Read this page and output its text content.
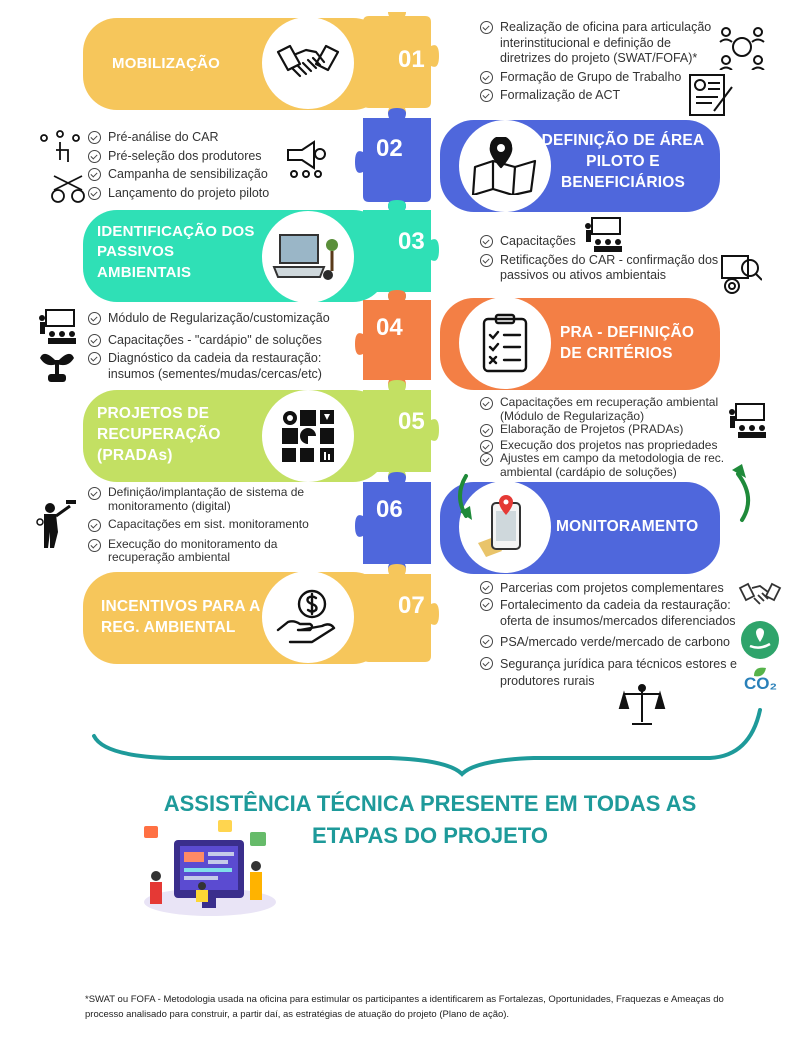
MOBILIZAÇÃO	01
Realização de oficina para articulação interinstitucional e definição de diretrizes do projeto (SWAT/FOFA)*
Formação de Grupo de Trabalho
Formalização de ACT
DEFINIÇÃO DE ÁREA PILOTO E BENEFICIÁRIOS
02
Pré-análise do CAR
Pré-seleção dos produtores
Campanha de sensibilização
Lançamento do projeto piloto
IDENTIFICAÇÃO DOS PASSIVOS AMBIENTAIS
03	Capacitações
Retificações do CAR - confirmação dos passivos ou ativos ambientais
PRA - DEFINIÇÃO DE CRITÉRIOS
04
Módulo de Regularização/customização
Capacitações - "cardápio" de soluções
Diagnóstico da cadeia da restauração: insumos (sementes/mudas/cercas/etc)
PROJETOS DE RECUPERAÇÃO (PRADAs)
05
Capacitações em recuperação ambiental (Módulo de Regularização)
Elaboração de Projetos (PRADAs)
Execução dos projetos nas propriedades
Ajustes em campo da metodologia de rec. ambiental (cardápio de soluções)
MONITORAMENTO
06
Definição/implantação de sistema de monitoramento (digital)
Capacitações em sist. monitoramento
Execução do monitoramento da recuperação ambiental
INCENTIVOS PARA A REG. AMBIENTAL
07
Parcerias com projetos complementares
Fortalecimento da cadeia da restauração: oferta de insumos/mercados diferenciados
PSA/mercado verde/mercado de carbono
Segurança jurídica para técnicos estores e produtores rurais	CO₂
ASSISTÊNCIA TÉCNICA PRESENTE EM TODAS AS ETAPAS DO PROJETO
*SWAT ou FOFA - Metodologia usada na oficina para estimular os participantes a identificarem as Fortalezas, Oportunidades, Fraquezas e Ameaças do processo analisado para construir, a partir daí, as estratégias de atuação do projeto (Plano de ação).
